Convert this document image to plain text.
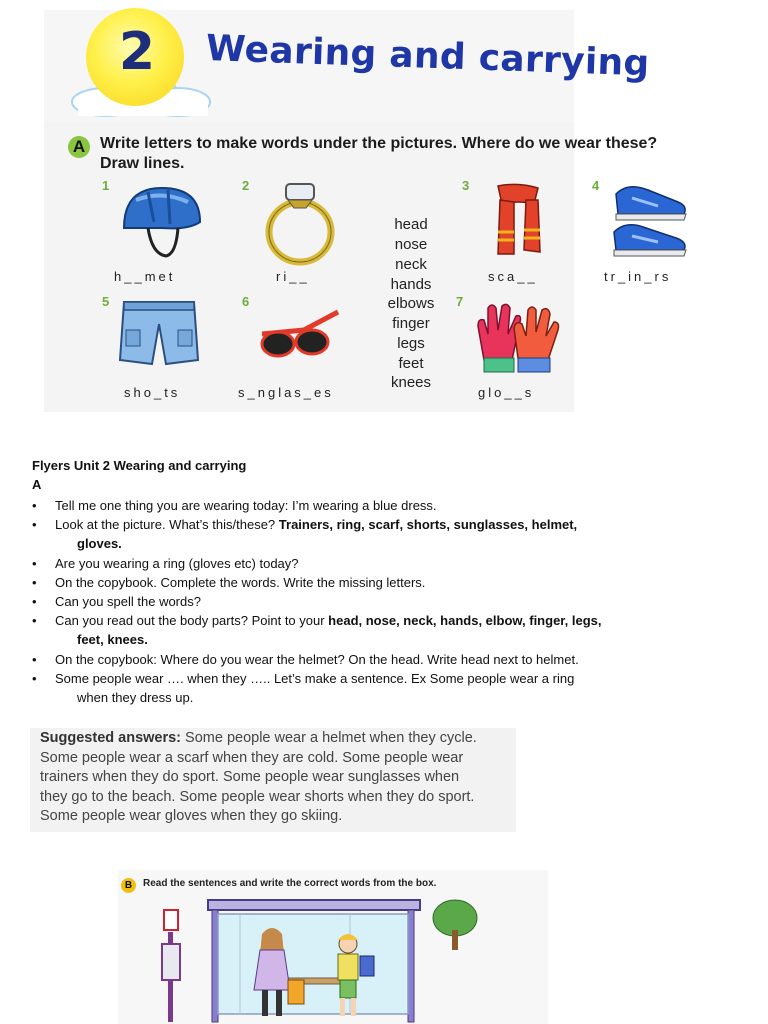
2 Wearing and carrying
A Write letters to make words under the pictures. Where do we wear these?
Draw lines.
1	2	3	4
5	6	7
h__met	ri__	sca__	tr_in_rs
sho_ts	s_nglas_es	glo__s
head
nose
neck
hands
elbows
finger
legs
feet
knees
Flyers Unit 2 Wearing and carrying
A
• Tell me one thing you are wearing today: I’m wearing a blue dress.
• Look at the picture. What’s this/these? Trainers, ring, scarf, shorts, sunglasses, helmet,
gloves.
• Are you wearing a ring (gloves etc) today?
• On the copybook. Complete the words. Write the missing letters.
• Can you spell the words?
• Can you read out the body parts? Point to your head, nose, neck, hands, elbow, finger, legs,
feet, knees.
• On the copybook: Where do you wear the helmet? On the head. Write head next to helmet.
• Some people wear …. when they ….. Let’s make a sentence. Ex Some people wear a ring
when they dress up.
Suggested answers: Some people wear a helmet when they cycle.
Some people wear a scarf when they are cold. Some people wear
trainers when they do sport. Some people wear sunglasses when
they go to the beach. Some people wear shorts when they do sport.
Some people wear gloves when they go skiing.
B	Read the sentences and write the correct words from the box.
